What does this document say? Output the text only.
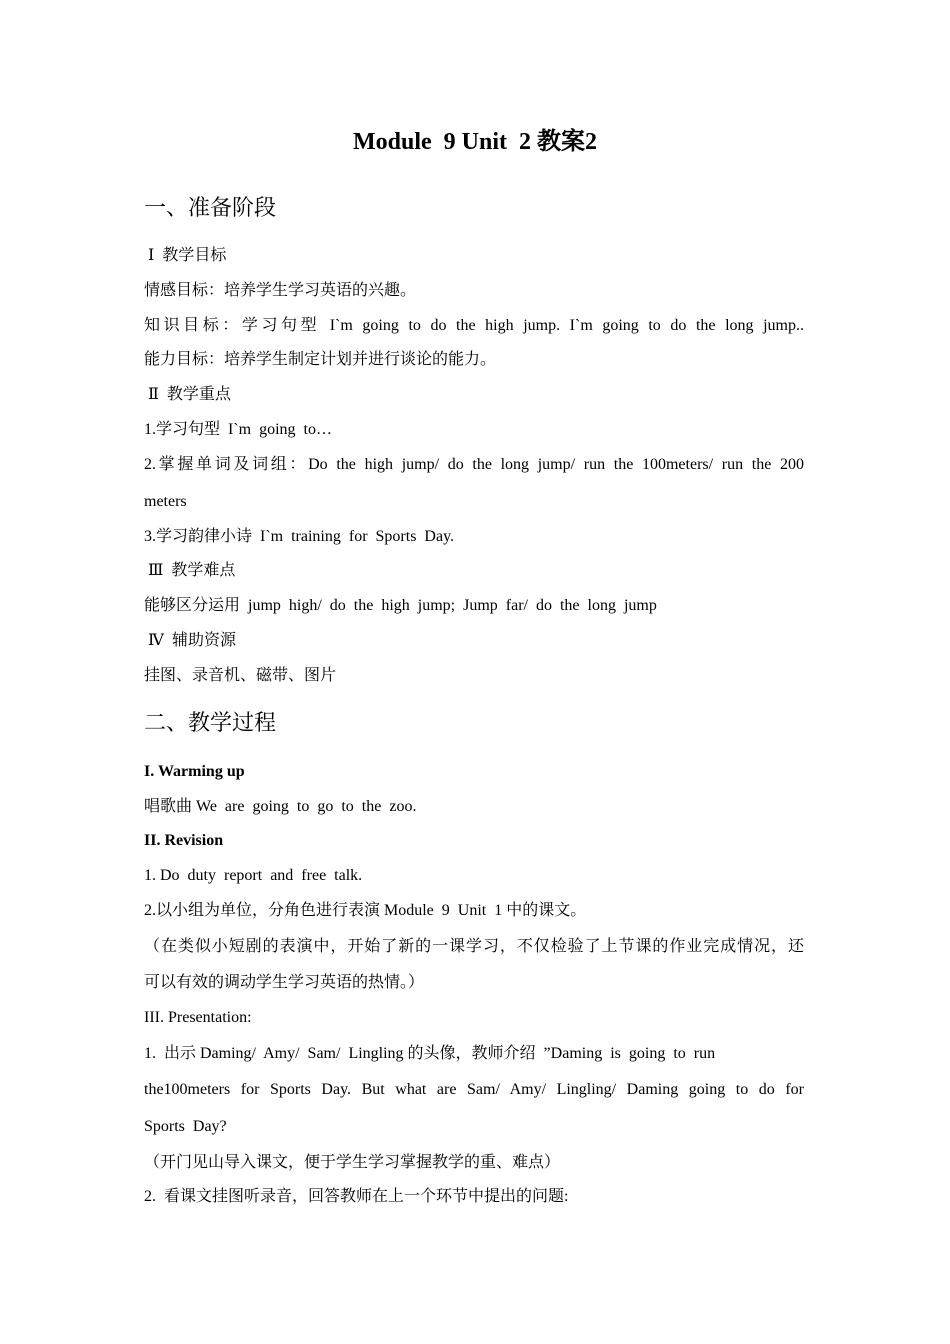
Module  9 Unit  2 教案2
一、准备阶段
Ⅰ  教学目标
情感目标：培养学生学习英语的兴趣。
知识目标：学习句型 I`m going to do the high jump. I`m going to do the long jump..
能力目标：培养学生制定计划并进行谈论的能力。
Ⅱ  教学重点
1.学习句型  I`m  going  to…
2.掌握单词及词组：Do the high jump/ do the long jump/ run the 100meters/ run the 200
meters
3.学习韵律小诗  I`m  training  for  Sports  Day.
Ⅲ  教学难点
能够区分运用  jump  high/  do  the  high  jump;  Jump  far/  do  the  long  jump
Ⅳ  辅助资源
挂图、录音机、磁带、图片
二、教学过程
I. Warming up
唱歌曲 We  are  going  to  go  to  the  zoo.
II. Revision
1. Do  duty  report  and  free  talk.
2.以小组为单位，分角色进行表演 Module  9  Unit  1 中的课文。
（在类似小短剧的表演中，开始了新的一课学习，不仅检验了上节课的作业完成情况，还
可以有效的调动学生学习英语的热情。）
III. Presentation:
1.  出示 Daming/  Amy/  Sam/  Lingling 的头像，教师介绍  ”Daming  is  going  to  run
the100meters for Sports Day. But what are Sam/ Amy/ Lingling/ Daming going to do for
Sports  Day?
（开门见山导入课文，便于学生学习掌握教学的重、难点）
2.  看课文挂图听录音，回答教师在上一个环节中提出的问题:
